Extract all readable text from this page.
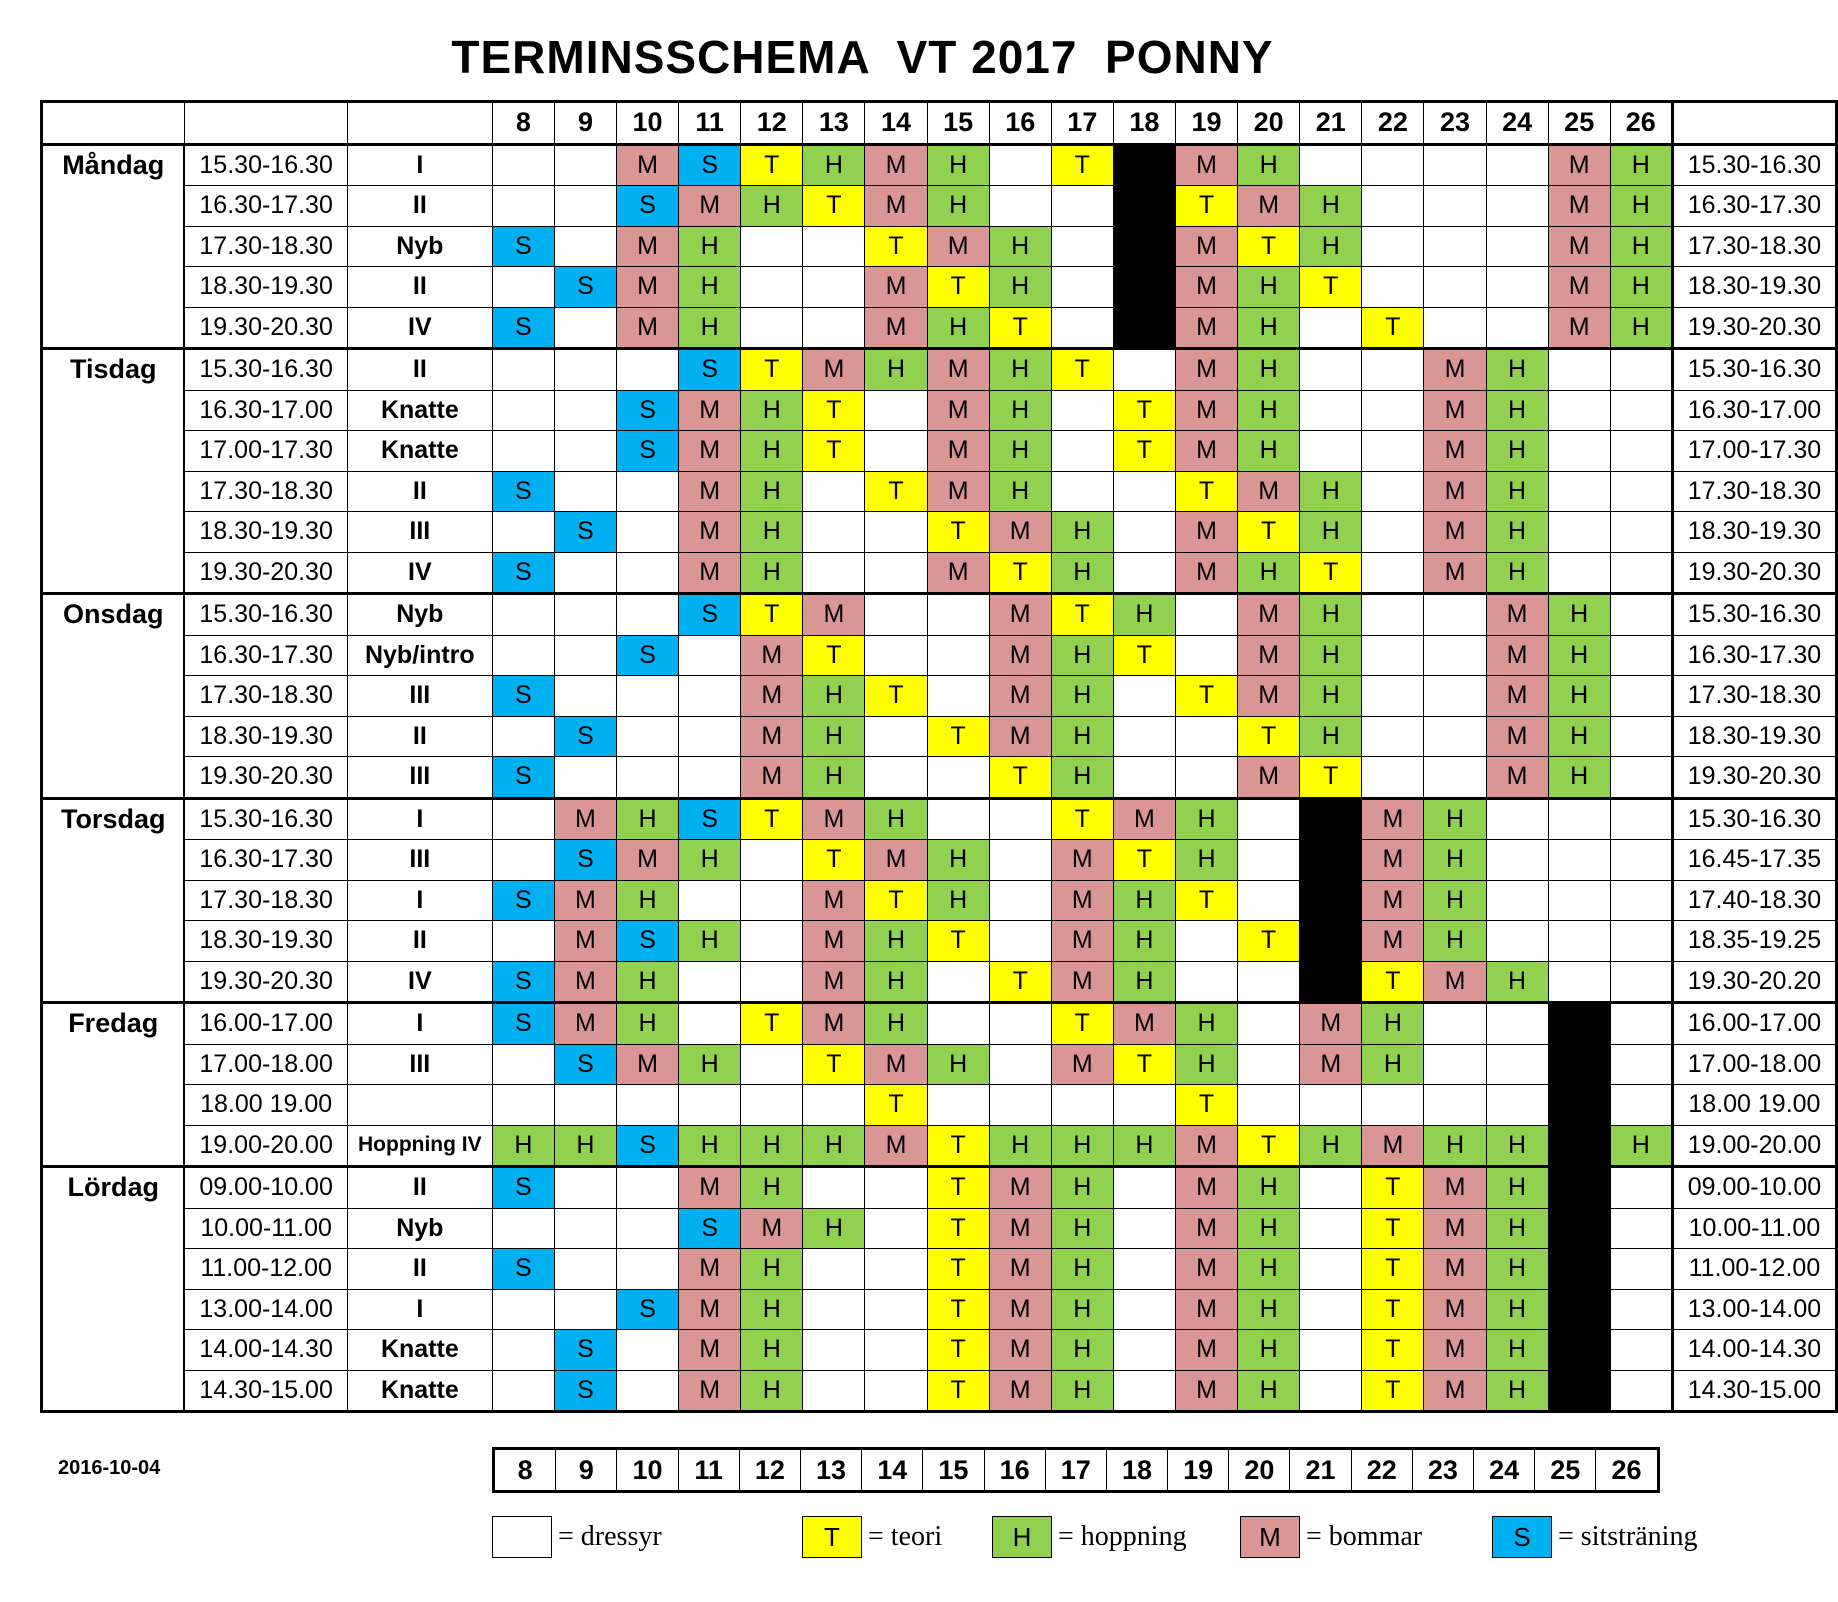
TERMINSSCHEMA  VT 2017  PONNY
			8	9	10	11	12	13	14	15	16	17	18	19	20	21	22	23	24	25	26	
Måndag	15.30-16.30	I			M	S	T	H	M	H		T		M	H					M	H	15.30-16.30
	16.30-17.30	II			S	M	H	T	M	H				T	M	H				M	H	16.30-17.30
	17.30-18.30	Nyb	S		M	H			T	M	H			M	T	H				M	H	17.30-18.30
	18.30-19.30	II		S	M	H			M	T	H			M	H	T				M	H	18.30-19.30
	19.30-20.30	IV	S		M	H			M	H	T			M	H		T			M	H	19.30-20.30
Tisdag	15.30-16.30	II				S	T	M	H	M	H	T		M	H			M	H			15.30-16.30
	16.30-17.00	Knatte			S	M	H	T		M	H		T	M	H			M	H			16.30-17.00
	17.00-17.30	Knatte			S	M	H	T		M	H		T	M	H			M	H			17.00-17.30
	17.30-18.30	II	S			M	H		T	M	H			T	M	H		M	H			17.30-18.30
	18.30-19.30	III		S		M	H			T	M	H		M	T	H		M	H			18.30-19.30
	19.30-20.30	IV	S			M	H			M	T	H		M	H	T		M	H			19.30-20.30
Onsdag	15.30-16.30	Nyb				S	T	M			M	T	H		M	H			M	H		15.30-16.30
	16.30-17.30	Nyb/intro			S		M	T			M	H	T		M	H			M	H		16.30-17.30
	17.30-18.30	III	S				M	H	T		M	H		T	M	H			M	H		17.30-18.30
	18.30-19.30	II		S			M	H		T	M	H			T	H			M	H		18.30-19.30
	19.30-20.30	III	S				M	H			T	H			M	T			M	H		19.30-20.30
Torsdag	15.30-16.30	I		M	H	S	T	M	H			T	M	H			M	H				15.30-16.30
	16.30-17.30	III		S	M	H		T	M	H		M	T	H			M	H				16.45-17.35
	17.30-18.30	I	S	M	H			M	T	H		M	H	T			M	H				17.40-18.30
	18.30-19.30	II		M	S	H		M	H	T		M	H		T		M	H				18.35-19.25
	19.30-20.30	IV	S	M	H			M	H		T	M	H				T	M	H			19.30-20.20
Fredag	16.00-17.00	I	S	M	H		T	M	H			T	M	H		M	H					16.00-17.00
	17.00-18.00	III		S	M	H		T	M	H		M	T	H		M	H					17.00-18.00
	18.00 19.00								T					T								18.00 19.00
	19.00-20.00	Hoppning IV	H	H	S	H	H	H	M	T	H	H	H	M	T	H	M	H	H		H	19.00-20.00
Lördag	09.00-10.00	II	S			M	H			T	M	H		M	H		T	M	H			09.00-10.00
	10.00-11.00	Nyb				S	M	H		T	M	H		M	H		T	M	H			10.00-11.00
	11.00-12.00	II	S			M	H			T	M	H		M	H		T	M	H			11.00-12.00
	13.00-14.00	I			S	M	H			T	M	H		M	H		T	M	H			13.00-14.00
	14.00-14.30	Knatte		S		M	H			T	M	H		M	H		T	M	H			14.00-14.30
	14.30-15.00	Knatte		S		M	H			T	M	H		M	H		T	M	H			14.30-15.00
2016-10-04	8	9	10	11	12	13	14	15	16	17	18	19	20	21	22	23	24	25	26
= dressyr	T	= teori	H = hoppning	M = bommar	S = sitsträning
